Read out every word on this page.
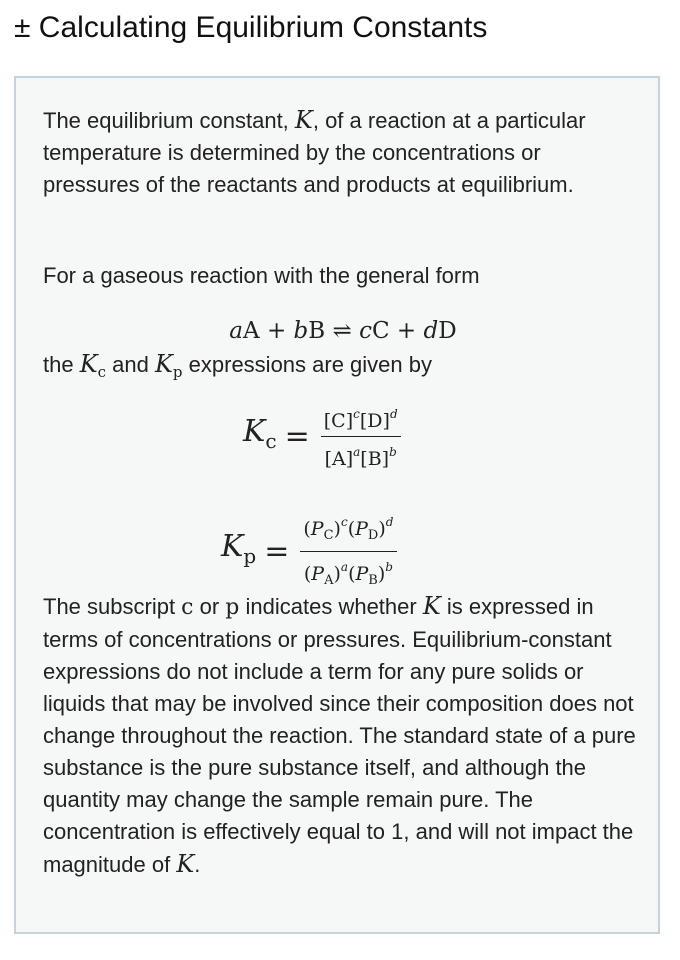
± Calculating Equilibrium Constants

The equilibrium constant, K, of a reaction at a particular temperature is determined by the concentrations or pressures of the reactants and products at equilibrium.

For a gaseous reaction with the general form

aA + bB ⇌ cC + dD

the $K_c$ and $K_p$ expressions are given by

$K_c = \frac{[C]^c[D]^d}{[A]^a[B]^b}$
$K_p = \frac{(P_C)^c(P_D)^d}{(P_A)^a(P_B)^b}$

The subscript c or p indicates whether K is expressed in terms of concentrations or pressures. Equilibrium-constant expressions do not include a term for any pure solids or liquids that may be involved since their composition does not change throughout the reaction. The standard state of a pure substance is the pure substance itself, and although the quantity may change the sample remain pure. The concentration is effectively equal to 1, and will not impact the magnitude of K.
